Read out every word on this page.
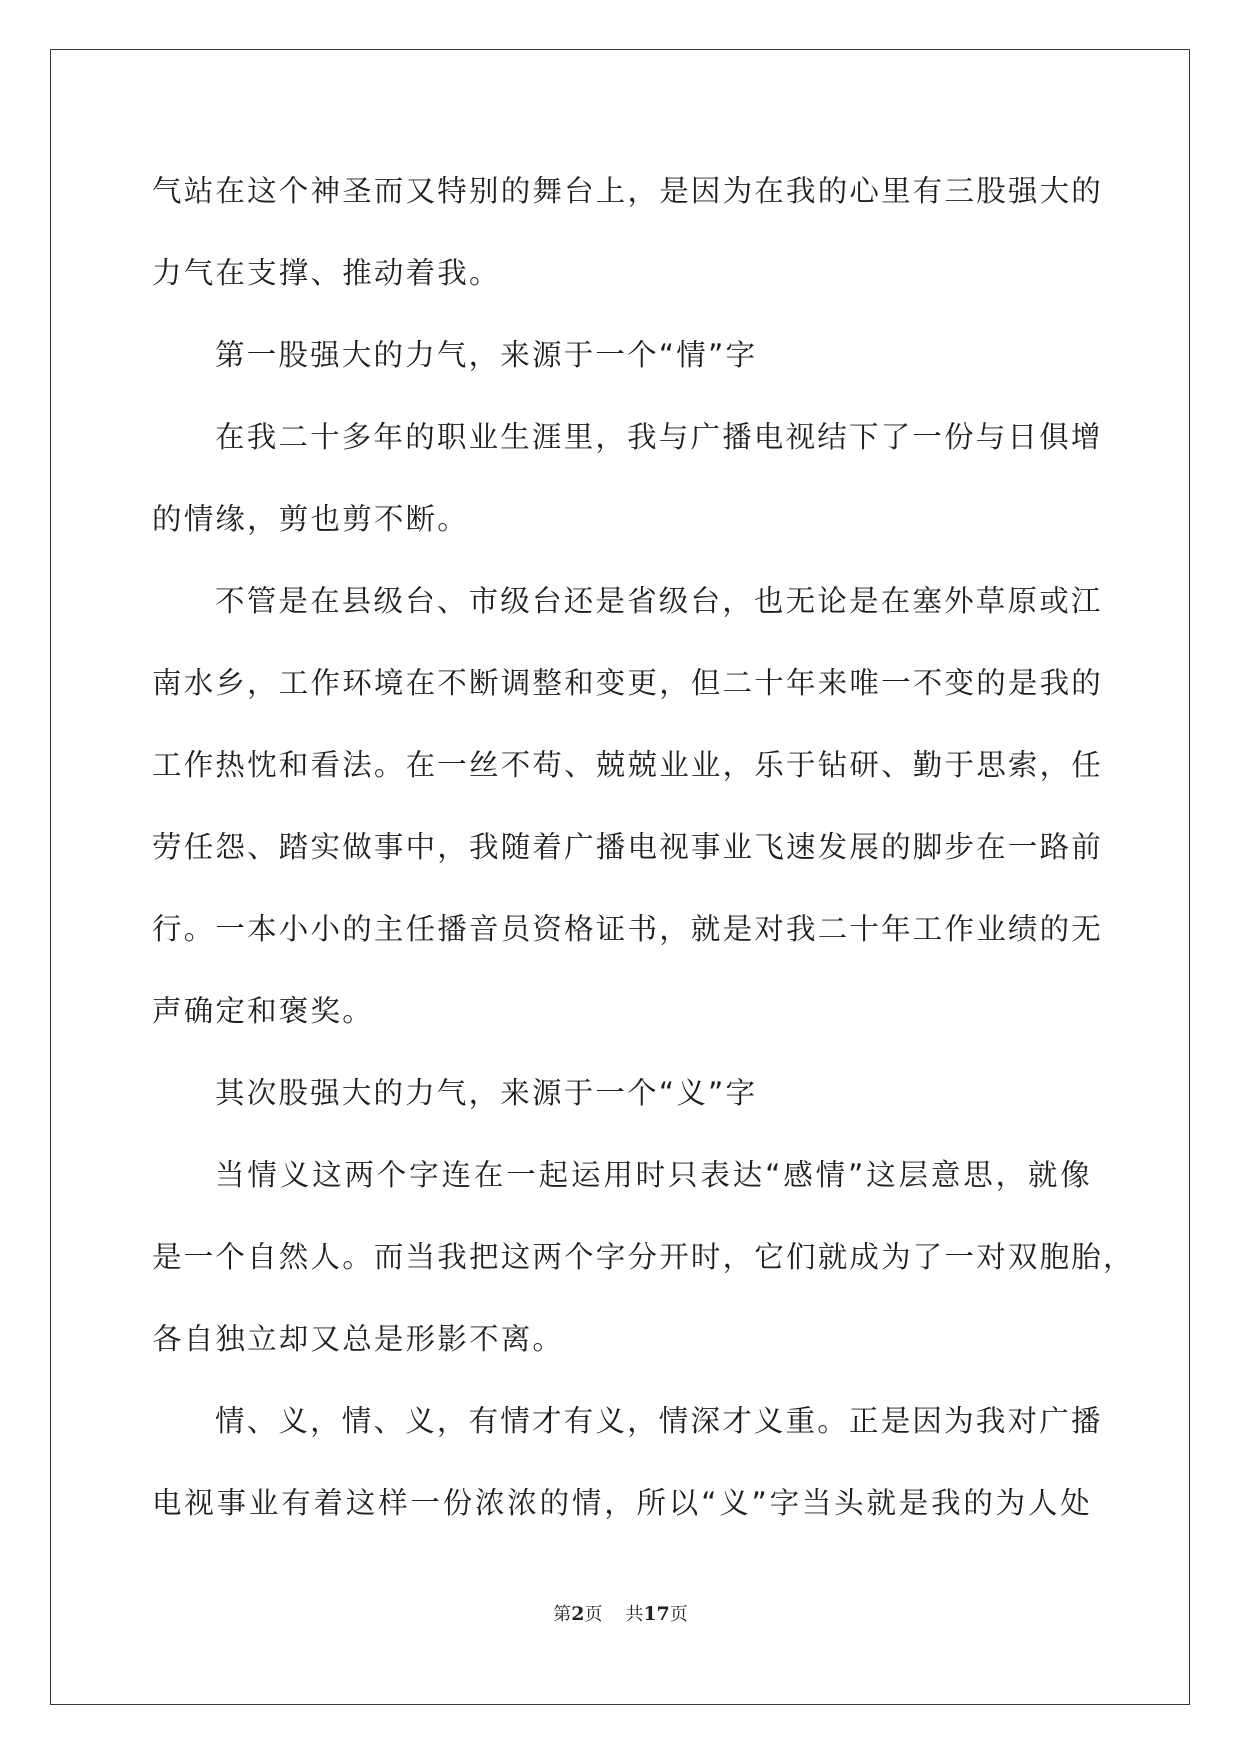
气站在这个神圣而又特别的舞台上，是因为在我的心里有三股强大的
力气在支撑、推动着我。
第一股强大的力气，来源于一个“情”字
在我二十多年的职业生涯里，我与广播电视结下了一份与日俱增
的情缘，剪也剪不断。
不管是在县级台、市级台还是省级台，也无论是在塞外草原或江
南水乡，工作环境在不断调整和变更，但二十年来唯一不变的是我的
工作热忱和看法。在一丝不苟、兢兢业业，乐于钻研、勤于思索，任
劳任怨、踏实做事中，我随着广播电视事业飞速发展的脚步在一路前
行。一本小小的主任播音员资格证书，就是对我二十年工作业绩的无
声确定和褒奖。
其次股强大的力气，来源于一个“义”字
当情义这两个字连在一起运用时只表达“感情”这层意思，就像
是一个自然人。而当我把这两个字分开时，它们就成为了一对双胞胎，
各自独立却又总是形影不离。
情、义，情、义，有情才有义，情深才义重。正是因为我对广播
电视事业有着这样一份浓浓的情，所以“义”字当头就是我的为人处
第2页 共17页
